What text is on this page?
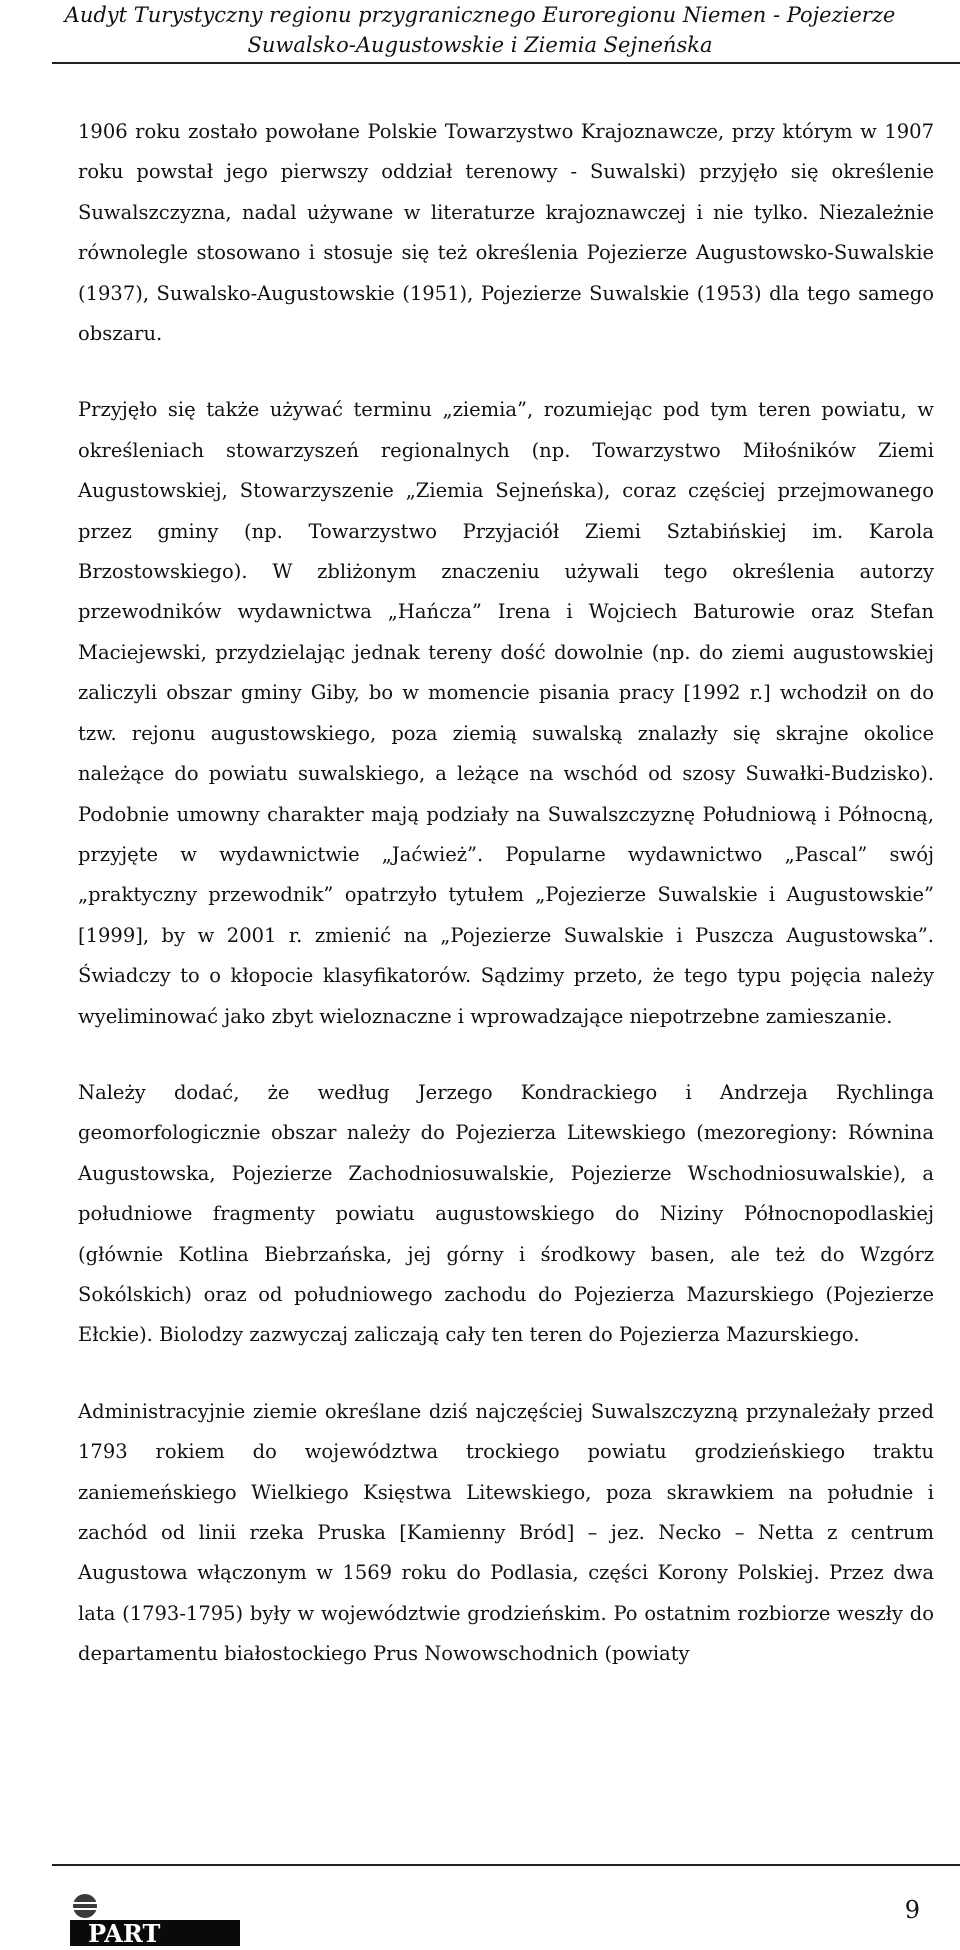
Audyt Turystyczny regionu przygranicznego Euroregionu Niemen - Pojezierze
Suwalsko-Augustowskie i Ziemia Sejneńska

1906 roku zostało powołane Polskie Towarzystwo Krajoznawcze, przy którym w 1907 roku powstał jego pierwszy oddział terenowy - Suwalski) przyjęło się określenie Suwalszczyzna, nadal używane w literaturze krajoznawczej i nie tylko. Niezależnie równolegle stosowano i stosuje się też określenia Pojezierze Augustowsko-Suwalskie (1937), Suwalsko-Augustowskie (1951), Pojezierze Suwalskie (1953) dla tego samego obszaru.

Przyjęło się także używać terminu „ziemia”, rozumiejąc pod tym teren powiatu, w określeniach stowarzyszeń regionalnych (np. Towarzystwo Miłośników Ziemi Augustowskiej, Stowarzyszenie „Ziemia Sejneńska), coraz częściej przejmowanego przez gminy (np. Towarzystwo Przyjaciół Ziemi Sztabińskiej im. Karola Brzostowskiego). W zbliżonym znaczeniu używali tego określenia autorzy przewodników wydawnictwa „Hańcza” Irena i Wojciech Baturowie oraz Stefan Maciejewski, przydzielając jednak tereny dość dowolnie (np. do ziemi augustowskiej zaliczyli obszar gminy Giby, bo w momencie pisania pracy [1992 r.] wchodził on do tzw. rejonu augustowskiego, poza ziemią suwalską znalazły się skrajne okolice należące do powiatu suwalskiego, a leżące na wschód od szosy Suwałki-Budzisko). Podobnie umowny charakter mają podziały na Suwalszczyznę Południową i Północną, przyjęte w wydawnictwie „Jaćwież”. Popularne wydawnictwo „Pascal” swój „praktyczny przewodnik” opatrzyło tytułem „Pojezierze Suwalskie i Augustowskie” [1999], by w 2001 r. zmienić na „Pojezierze Suwalskie i Puszcza Augustowska”. Świadczy to o kłopocie klasyfikatorów. Sądzimy przeto, że tego typu pojęcia należy wyeliminować jako zbyt wieloznaczne i wprowadzające niepotrzebne zamieszanie.

Należy dodać, że według Jerzego Kondrackiego i Andrzeja Rychlinga geomorfologicznie obszar należy do Pojezierza Litewskiego (mezoregiony: Równina Augustowska, Pojezierze Zachodniosuwalskie, Pojezierze Wschodniosuwalskie), a południowe fragmenty powiatu augustowskiego do Niziny Północnopodlaskiej (głównie Kotlina Biebrzańska, jej górny i środkowy basen, ale też do Wzgórz Sokólskich) oraz od południowego zachodu do Pojezierza Mazurskiego (Pojezierze Ełckie). Biolodzy zazwyczaj zaliczają cały ten teren do Pojezierza Mazurskiego.

Administracyjnie ziemie określane dziś najczęściej Suwalszczyzną przynależały przed 1793 rokiem do województwa trockiego powiatu grodzieńskiego traktu zaniemeńskiego Wielkiego Księstwa Litewskiego, poza skrawkiem na południe i zachód od linii rzeka Pruska [Kamienny Bród] – jez. Necko – Netta z centrum Augustowa włączonym w 1569 roku do Podlasia, części Korony Polskiej. Przez dwa lata (1793-1795) były w województwie grodzieńskim. Po ostatnim rozbiorze weszły do departamentu białostockiego Prus Nowowschodnich (powiaty

PART
9
